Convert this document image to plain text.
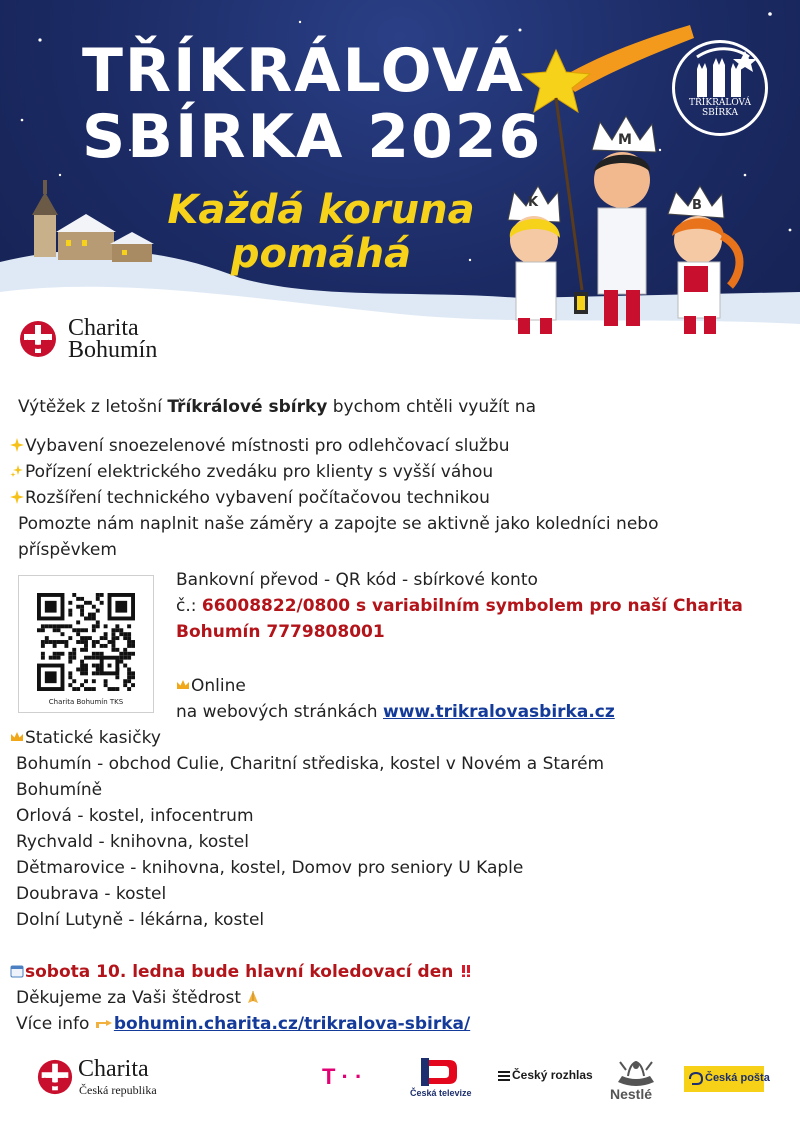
TŘÍKRÁLOVÁ
SBÍRKA 2026
Každá koruna
pomáhá
K
M
B
TŘÍKRÁLOVÁ
SBÍRKA
Charita
Bohumín
Výtěžek z letošní Tříkrálové sbírky bychom chtěli využít na
Vybavení snoezelenové místnosti pro odlehčovací službu
Pořízení elektrického zvedáku pro klienty s vyšší váhou
Rozšíření technického vybavení počítačovou technikou
Pomozte nám naplnit naše záměry a zapojte se aktivně jako koledníci nebo
příspěvkem
Charita Bohumín TKS
Bankovní převod - QR kód - sbírkové konto
č.: 66008822/0800 s variabilním symbolem pro naší Charita
Bohumín 7779808001
Online
na webových stránkách www.trikralovasbirka.cz
Statické kasičky
Bohumín - obchod Culie, Charitní střediska, kostel v Novém a Starém
Bohumíně
Orlová - kostel, infocentrum
Rychvald - knihovna, kostel
Dětmarovice - knihovna, kostel, Domov pro seniory U Kaple
Doubrava - kostel
Dolní Lutyně - lékárna, kostel
sobota 10. ledna bude hlavní koledovací den
Děkujeme za Vaši štědrost
Více info bohumin.charita.cz/trikralova-sbirka/
Charita
Česká republika
T · ·
Česká televize
Český rozhlas
Nestlé
Česká pošta
